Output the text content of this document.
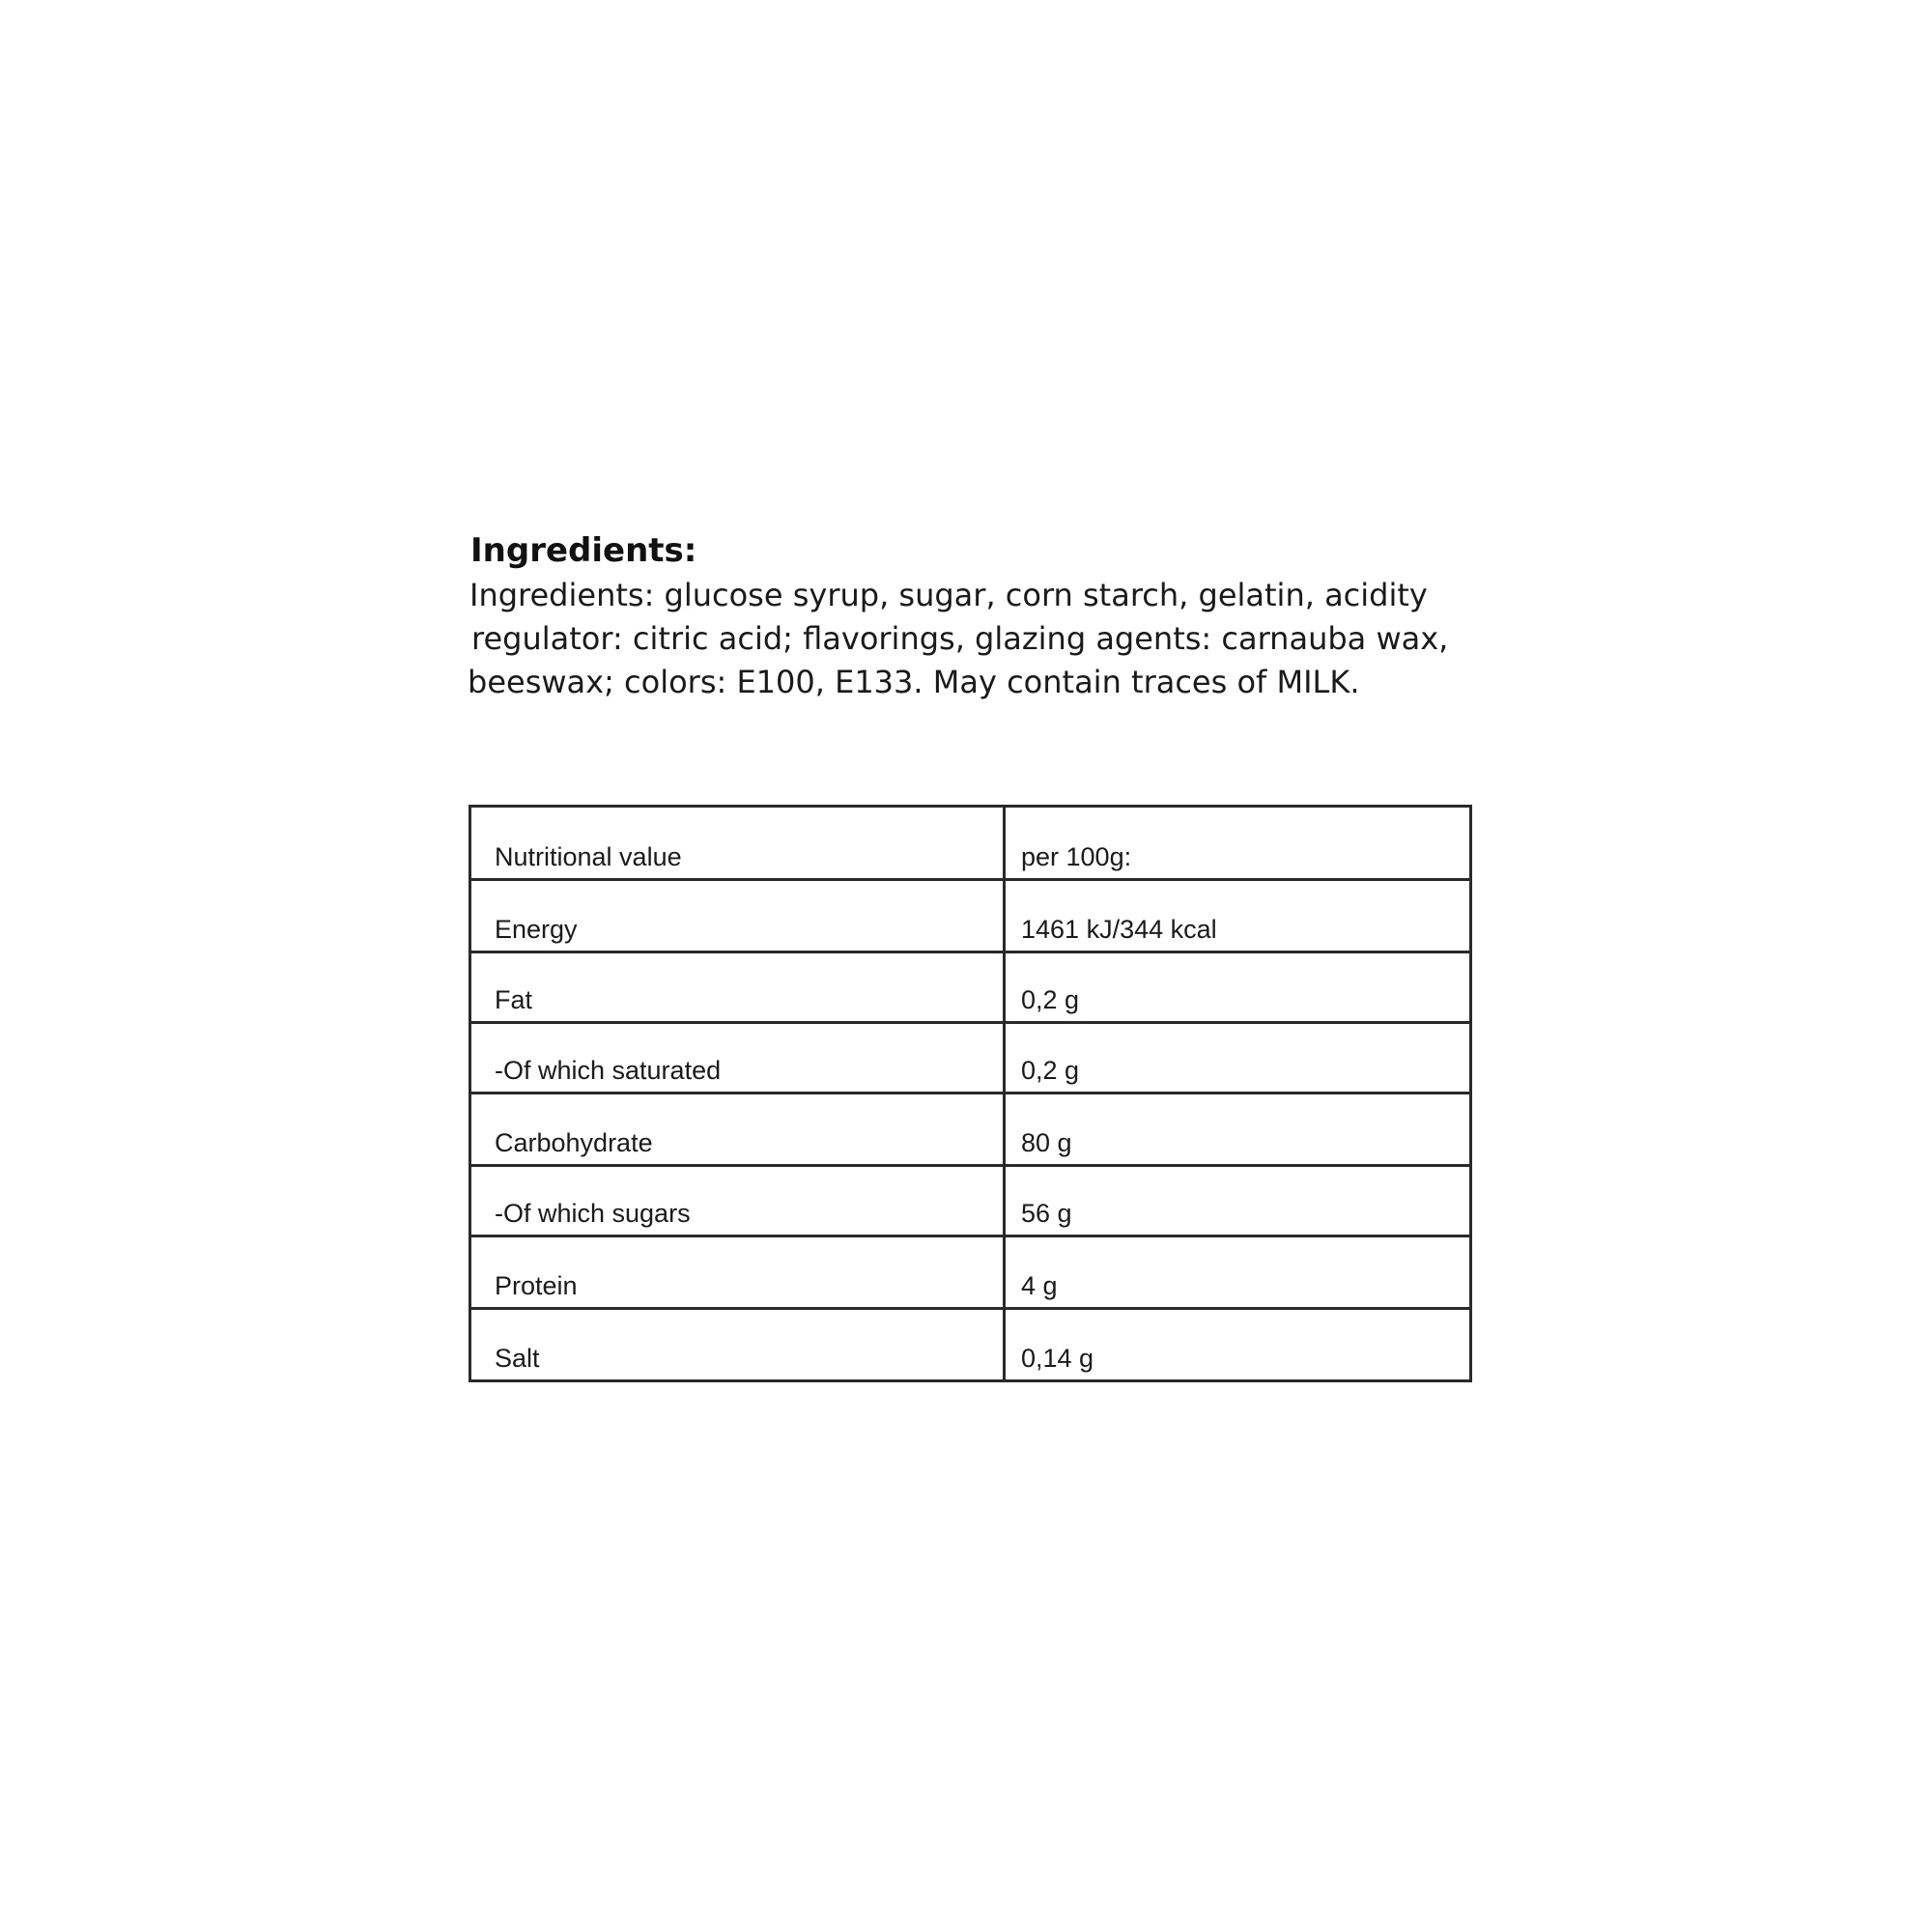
Ingredients:
Ingredients: glucose syrup, sugar, corn starch, gelatin, acidity
regulator: citric acid; flavorings, glazing agents: carnauba wax,
beeswax; colors: E100, E133. May contain traces of MILK.
Nutritional value	per 100g:
Energy	1461 kJ/344 kcal
Fat	0,2 g
-Of which saturated	0,2 g
Carbohydrate	80 g
-Of which sugars	56 g
Protein	4 g
Salt	0,14 g
